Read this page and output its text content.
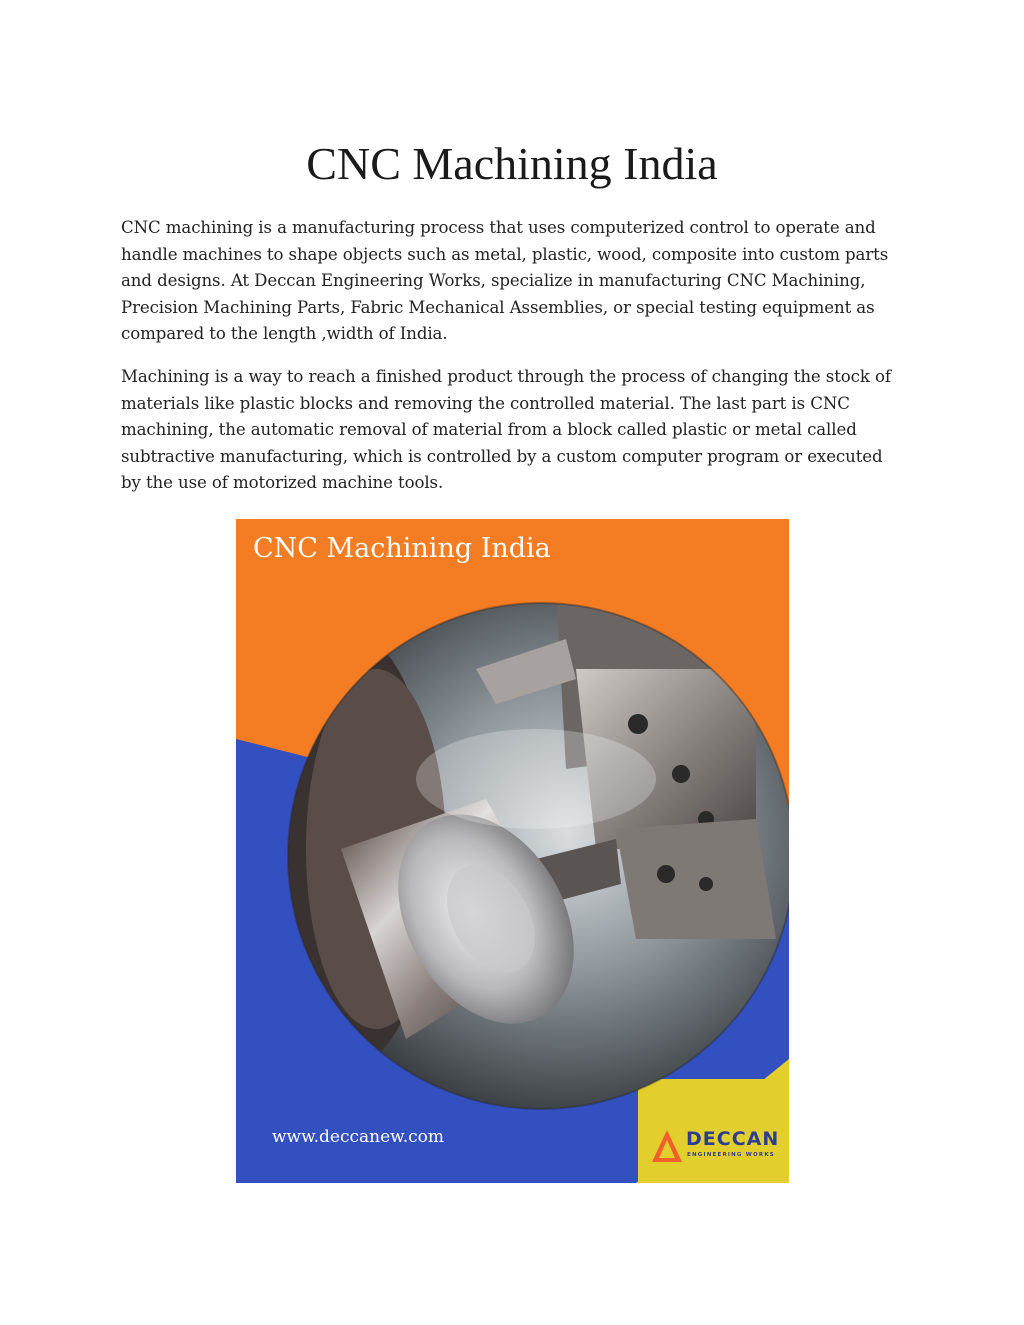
CNC Machining India

CNC machining is a manufacturing process that uses computerized control to operate and handle machines to shape objects such as metal, plastic, wood, composite into custom parts and designs. At Deccan Engineering Works, specialize in manufacturing CNC Machining, Precision Machining Parts, Fabric Mechanical Assemblies, or special testing equipment as compared to the length ,width of India.

Machining is a way to reach a finished product through the process of changing the stock of materials like plastic blocks and removing the controlled material. The last part is CNC machining, the automatic removal of material from a block called plastic or metal called subtractive manufacturing, which is controlled by a custom computer program or executed by the use of motorized machine tools.

CNC Machining India
www.deccanew.com	DECCAN
ENGINEERING WORKS
